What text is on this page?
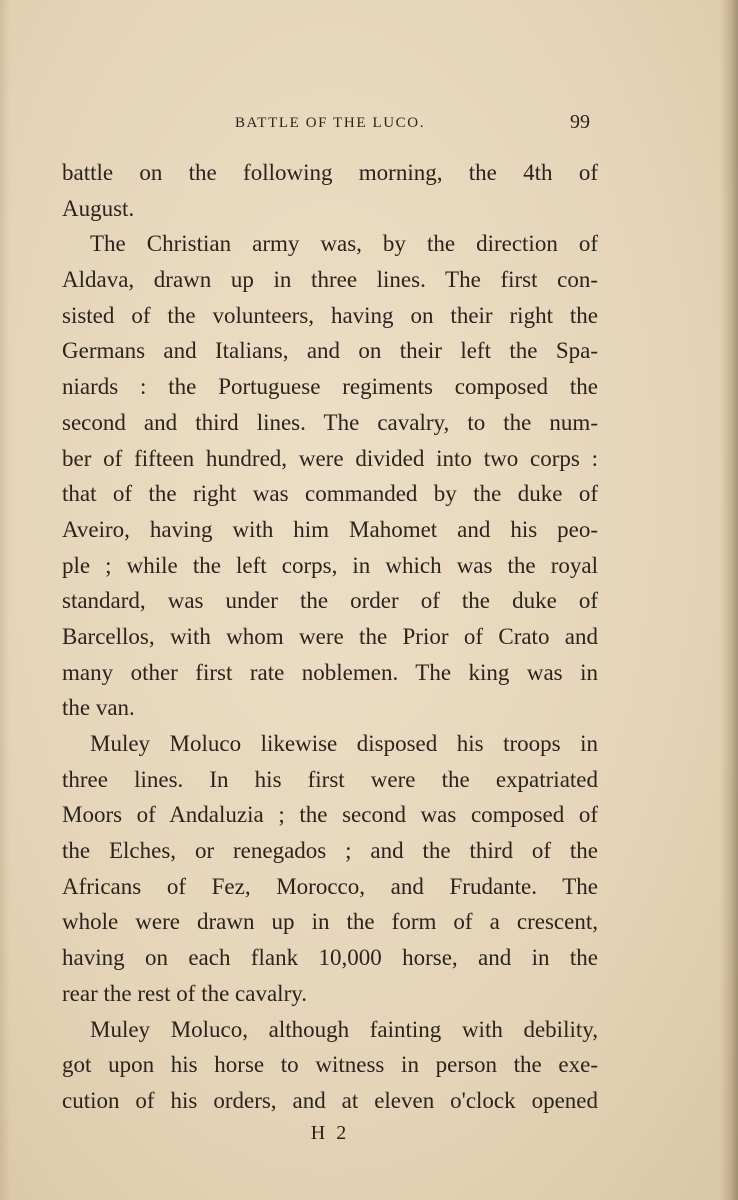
BATTLE OF THE LUCO.	99
battle on the following morning, the 4th of
August.
The Christian army was, by the direction of
Aldava, drawn up in three lines. The first con-
sisted of the volunteers, having on their right the
Germans and Italians, and on their left the Spa-
niards : the Portuguese regiments composed the
second and third lines. The cavalry, to the num-
ber of fifteen hundred, were divided into two corps :
that of the right was commanded by the duke of
Aveiro, having with him Mahomet and his peo-
ple ; while the left corps, in which was the royal
standard, was under the order of the duke of
Barcellos, with whom were the Prior of Crato and
many other first rate noblemen. The king was in
the van.
Muley Moluco likewise disposed his troops in
three lines. In his first were the expatriated
Moors of Andaluzia ; the second was composed of
the Elches, or renegados ; and the third of the
Africans of Fez, Morocco, and Frudante. The
whole were drawn up in the form of a crescent,
having on each flank 10,000 horse, and in the
rear the rest of the cavalry.
Muley Moluco, although fainting with debility,
got upon his horse to witness in person the exe-
cution of his orders, and at eleven o'clock opened
H 2
